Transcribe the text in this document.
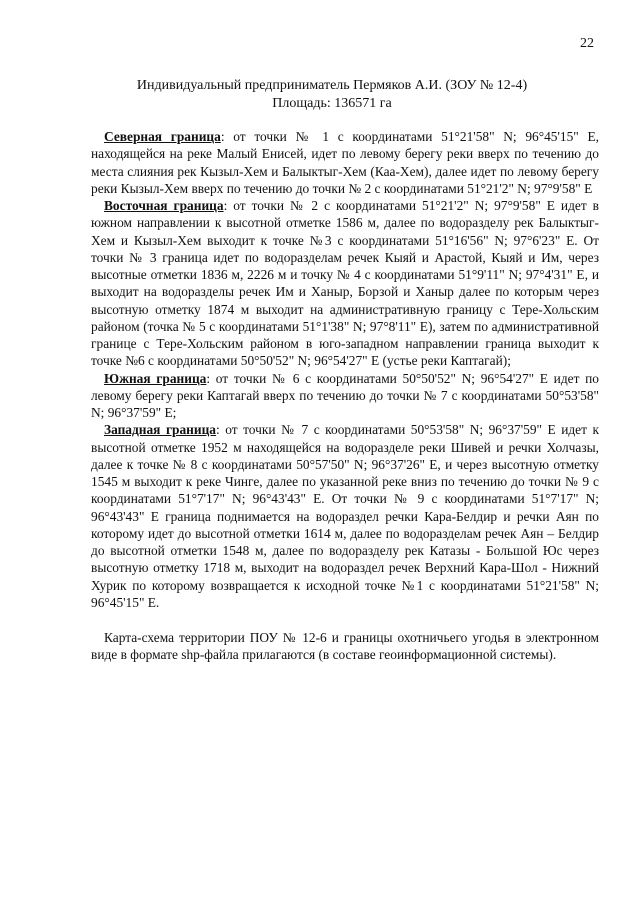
22
Индивидуальный предприниматель Пермяков А.И. (ЗОУ № 12-4)
Площадь: 136571 га

Северная граница: от точки № 1 с координатами 51°21'58" N; 96°45'15" E, находящейся на реке Малый Енисей, идет по левому берегу реки вверх по течению до места слияния рек Кызыл-Хем и Балыктыг-Хем (Каа-Хем), далее идет по левому берегу реки Кызыл-Хем вверх по течению до точки № 2 с координатами 51°21'2" N; 97°9'58" E

Восточная граница: от точки № 2 с координатами 51°21'2" N; 97°9'58" E идет в южном направлении к высотной отметке 1586 м, далее по водоразделу рек Балыктыг-Хем и Кызыл-Хем выходит к точке №3 с координатами 51°16'56" N; 97°6'23" E. От точки № 3 граница идет по водоразделам речек Кыяй и Арастой, Кыяй и Им, через высотные отметки 1836 м, 2226 м и точку № 4 с координатами 51°9'11" N; 97°4'31" E, и выходит на водоразделы речек Им и Ханыр, Борзой и Ханыр далее по которым через высотную отметку 1874 м выходит на административную границу с Тере-Хольским районом (точка № 5 с координатами 51°1'38" N; 97°8'11" E), затем по административной границе с Тере-Хольским районом в юго-западном направлении граница выходит к точке №6 с координатами 50°50'52" N; 96°54'27" E (устье реки Каптагай);

Южная граница: от точки № 6 с координатами 50°50'52" N; 96°54'27" E идет по левому берегу реки Каптагай вверх по течению до точки № 7 с координатами 50°53'58" N; 96°37'59" E;

Западная граница: от точки № 7 с координатами 50°53'58" N; 96°37'59" E идет к высотной отметке 1952 м находящейся на водоразделе реки Шивей и речки Холчазы, далее к точке № 8 с координатами 50°57'50" N; 96°37'26" E, и через высотную отметку 1545 м выходит к реке Чинге, далее по указанной реке вниз по течению до точки № 9 с координатами 51°7'17" N; 96°43'43" E. От точки № 9 с координатами 51°7'17" N; 96°43'43" E граница поднимается на водораздел речки Кара-Белдир и речки Аян по которому идет до высотной отметки 1614 м, далее по водоразделам речек Аян – Белдир до высотной отметки 1548 м, далее по водоразделу рек Катазы - Большой Юс через высотную отметку 1718 м, выходит на водораздел речек Верхний Кара-Шол - Нижний Хурик по которому возвращается к исходной точке №1 с координатами 51°21'58" N; 96°45'15" E.

Карта-схема территории ПОУ № 12-6 и границы охотничьего угодья в электронном виде в формате shp-файла прилагаются (в составе геоинформационной системы).
